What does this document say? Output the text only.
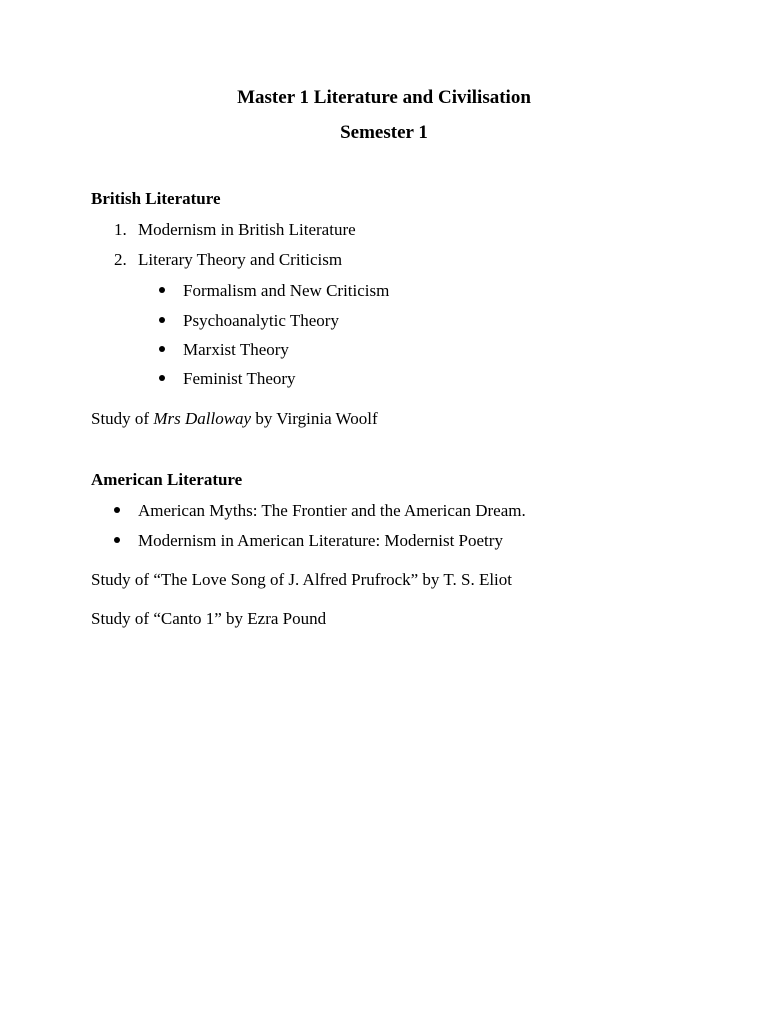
Master 1 Literature and Civilisation
Semester 1
British Literature
1. Modernism in British Literature
2. Literary Theory and Criticism
Formalism and New Criticism
Psychoanalytic Theory
Marxist Theory
Feminist Theory
Study of Mrs Dalloway by Virginia Woolf
American Literature
American Myths: The Frontier and the American Dream.
Modernism in American Literature: Modernist Poetry
Study of “The Love Song of J. Alfred Prufrock” by T. S. Eliot
Study of “Canto 1” by Ezra Pound
